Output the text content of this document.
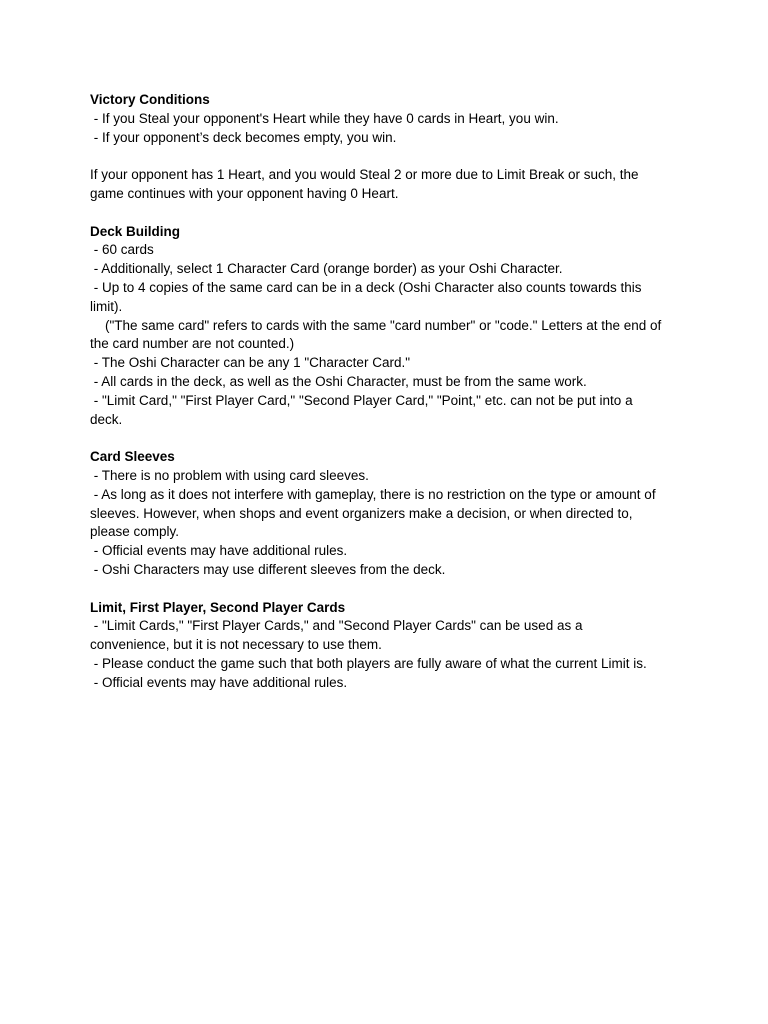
Victory Conditions
- If you Steal your opponent's Heart while they have 0 cards in Heart, you win.
- If your opponent’s deck becomes empty, you win.
If your opponent has 1 Heart, and you would Steal 2 or more due to Limit Break or such, the
game continues with your opponent having 0 Heart.
Deck Building
- 60 cards
- Additionally, select 1 Character Card (orange border) as your Oshi Character.
- Up to 4 copies of the same card can be in a deck (Oshi Character also counts towards this
limit).
("The same card" refers to cards with the same "card number" or "code." Letters at the end of
the card number are not counted.)
- The Oshi Character can be any 1 "Character Card."
- All cards in the deck, as well as the Oshi Character, must be from the same work.
- "Limit Card," "First Player Card," "Second Player Card," "Point," etc. can not be put into a
deck.
Card Sleeves
- There is no problem with using card sleeves.
- As long as it does not interfere with gameplay, there is no restriction on the type or amount of
sleeves. However, when shops and event organizers make a decision, or when directed to,
please comply.
- Official events may have additional rules.
- Oshi Characters may use different sleeves from the deck.
Limit, First Player, Second Player Cards
- "Limit Cards," "First Player Cards," and "Second Player Cards" can be used as a
convenience, but it is not necessary to use them.
- Please conduct the game such that both players are fully aware of what the current Limit is.
- Official events may have additional rules.
